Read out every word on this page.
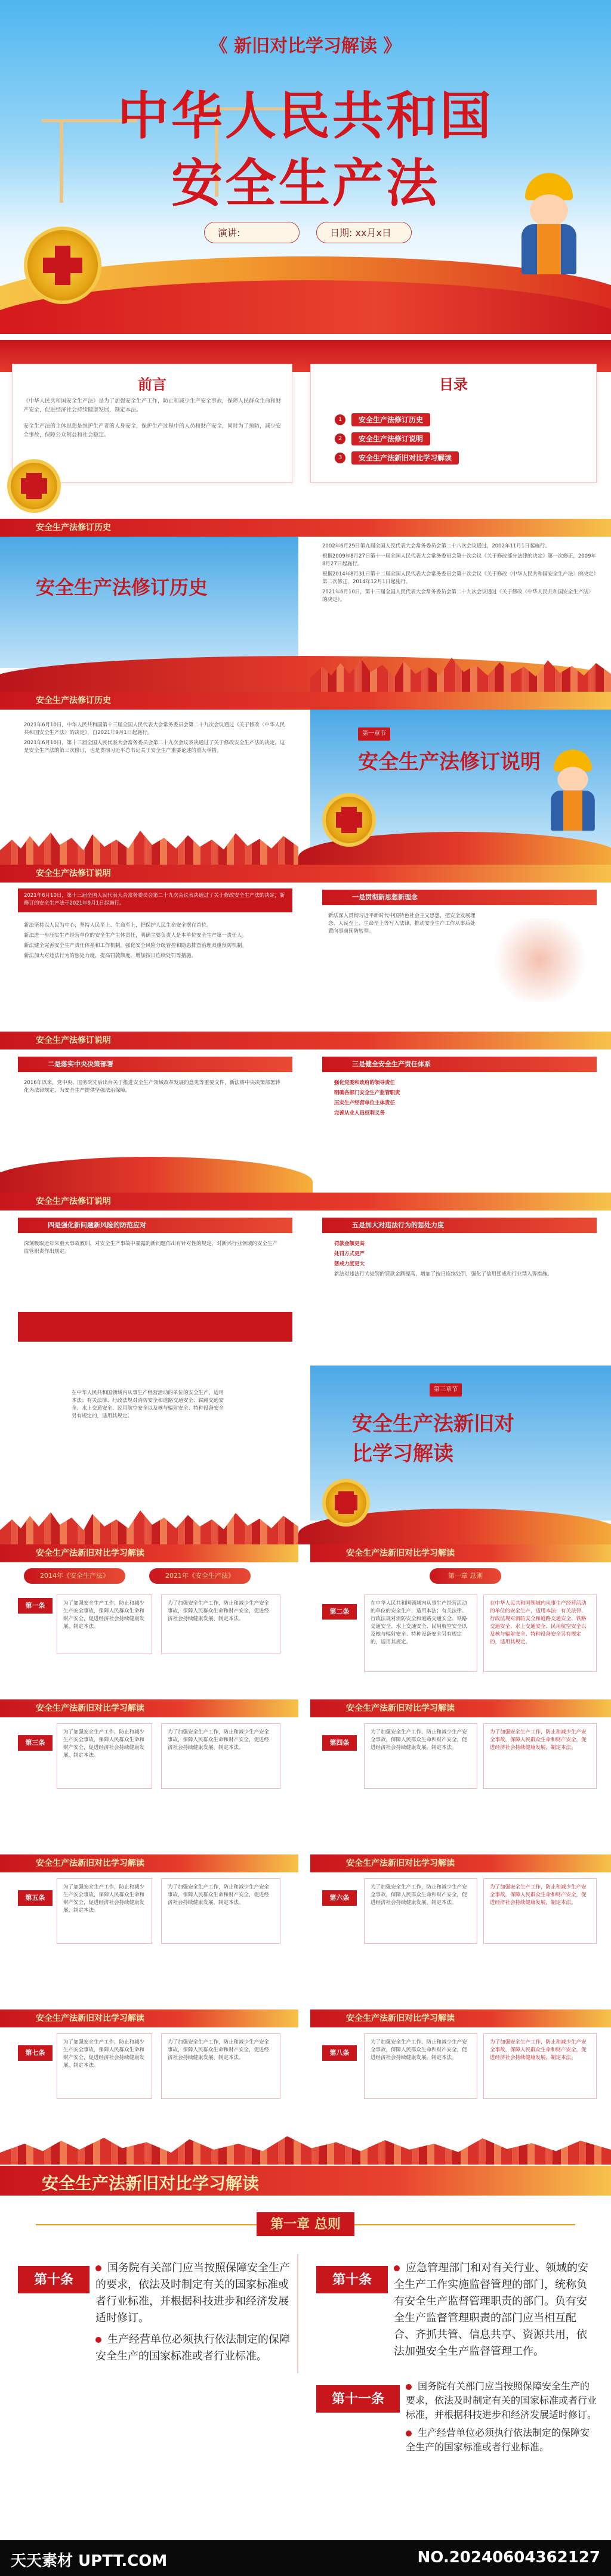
《 新旧对比学习解读 》
中华人民共和国
安全生产法
演讲:	日期: xx月x日
前言

《中华人民共和国安全生产法》是为了加强安全生产工作，防止和减少生产安全事故，保障人民群众生命和财产安全，促进经济社会持续健康发展，制定本法。

安全生产法的主体思想是维护生产者的人身安全，保护生产过程中的人员和财产安全，同时为了预防，减少安全事故，保障公众利益和社会稳定。

目录
1	安全生产法修订历史
2	安全生产法修订说明
3	安全生产法新旧对比学习解读
安全生产法修订历史
安全生产法修订历史

2002年6月29日第九届全国人民代表大会常务委员会第二十八次会议通过，2002年11月1日起施行。

根据2009年8月27日第十一届全国人民代表大会常务委员会第十次会议《关于修改部分法律的决定》第一次修正，2009年8月27日起施行。

根据2014年8月31日第十二届全国人民代表大会常务委员会第十次会议《关于修改〈中华人民共和国安全生产法〉的决定》第二次修正，2014年12月1日起施行。

2021年6月10日，第十三届全国人民代表大会常务委员会第二十九次会议通过《关于修改〈中华人民共和国安全生产法〉的决定》。

安全生产法修订历史

2021年6月10日，中华人民共和国第十三届全国人民代表大会常务委员会第二十九次会议通过《关于修改〈中华人民共和国安全生产法〉的决定》，自2021年9月1日起施行。

2021年6月10日，第十三届全国人民代表大会常务委员会第二十九次会议表决通过了关于修改安全生产法的决定，这是安全生产法的第三次修订，也是贯彻习近平总书记关于安全生产重要论述的重大举措。

第一章节
安全生产法修订说明
安全生产法修订说明
2021年6月10日，第十三届全国人民代表大会常务委员会第二十九次会议表决通过了关于修改安全生产法的决定，新修订的安全生产法于2021年9月1日起施行。

新法坚持以人民为中心，坚持人民至上、生命至上，把保护人民生命安全摆在首位。

新法进一步压实生产经营单位的安全生产主体责任，明确主要负责人是本单位安全生产第一责任人。

新法健全完善安全生产责任体系和工作机制，强化安全风险分级管控和隐患排查治理双重预防机制。

新法加大对违法行为的惩处力度，提高罚款额度，增加按日连续处罚等措施。

一是贯彻新思想新理念
新法深入贯彻习近平新时代中国特色社会主义思想，把安全发展理念、人民至上、生命至上等写入法律，推动安全生产工作从事后处置向事前预防转型。
安全生产法修订说明
二是落实中央决策部署
2016年以来，党中央、国务院先后出台关于推进安全生产领域改革发展的意见等重要文件，新法将中央决策部署转化为法律规定，为安全生产提供坚强法治保障。
三是健全安全生产责任体系

强化党委和政府的领导责任

明确各部门安全生产监管职责

压实生产经营单位主体责任

完善从业人员权利义务

安全生产法修订说明
四是强化新问题新风险的防范应对
深刻吸取近年来重大事故教训，对安全生产事故中暴露的新问题作出有针对性的规定，对新兴行业领域的安全生产监管职责作出规定。
五是加大对违法行为的惩处力度

罚款金额更高

处罚方式更严

惩戒力度更大

新法对违法行为处罚的罚款金额提高，增加了按日连续处罚，强化了信用惩戒和行业禁入等措施。

在中华人民共和国领域内从事生产经营活动的单位的安全生产，适用本法；有关法律、行政法规对消防安全和道路交通安全、铁路交通安全、水上交通安全、民用航空安全以及核与辐射安全、特种设备安全另有规定的，适用其规定。

第三章节
安全生产法新旧对
比学习解读
安全生产法新旧对比学习解读	安全生产法新旧对比学习解读
2014年《安全生产法》	2021年《安全生产法》
第一条	为了加强安全生产工作，防止和减少生产安全事故，保障人民群众生命和财产安全，促进经济社会持续健康发展，制定本法。
为了加强安全生产工作，防止和减少生产安全事故，保障人民群众生命和财产安全，促进经济社会持续健康发展，制定本法。
第一章 总则
第二条
在中华人民共和国领域内从事生产经营活动的单位的安全生产，适用本法；有关法律、行政法规对消防安全和道路交通安全、铁路交通安全、水上交通安全、民用航空安全以及核与辐射安全、特种设备安全另有规定的，适用其规定。
在中华人民共和国领域内从事生产经营活动的单位的安全生产，适用本法；有关法律、行政法规对消防安全和道路交通安全、铁路交通安全、水上交通安全、民用航空安全以及核与辐射安全、特种设备安全另有规定的，适用其规定。
安全生产法新旧对比学习解读	安全生产法新旧对比学习解读
第三条
为了加强安全生产工作，防止和减少生产安全事故，保障人民群众生命和财产安全，促进经济社会持续健康发展，制定本法。
为了加强安全生产工作，防止和减少生产安全事故，保障人民群众生命和财产安全，促进经济社会持续健康发展，制定本法。
第四条
为了加强安全生产工作，防止和减少生产安全事故，保障人民群众生命和财产安全，促进经济社会持续健康发展，制定本法。
为了加强安全生产工作，防止和减少生产安全事故，保障人民群众生命和财产安全，促进经济社会持续健康发展，制定本法。
安全生产法新旧对比学习解读	安全生产法新旧对比学习解读
第五条
为了加强安全生产工作，防止和减少生产安全事故，保障人民群众生命和财产安全，促进经济社会持续健康发展，制定本法。
为了加强安全生产工作，防止和减少生产安全事故，保障人民群众生命和财产安全，促进经济社会持续健康发展，制定本法。
第六条
为了加强安全生产工作，防止和减少生产安全事故，保障人民群众生命和财产安全，促进经济社会持续健康发展，制定本法。
为了加强安全生产工作，防止和减少生产安全事故，保障人民群众生命和财产安全，促进经济社会持续健康发展，制定本法。
安全生产法新旧对比学习解读	安全生产法新旧对比学习解读
第七条
为了加强安全生产工作，防止和减少生产安全事故，保障人民群众生命和财产安全，促进经济社会持续健康发展，制定本法。
为了加强安全生产工作，防止和减少生产安全事故，保障人民群众生命和财产安全，促进经济社会持续健康发展，制定本法。
第八条
为了加强安全生产工作，防止和减少生产安全事故，保障人民群众生命和财产安全，促进经济社会持续健康发展，制定本法。
为了加强安全生产工作，防止和减少生产安全事故，保障人民群众生命和财产安全，促进经济社会持续健康发展，制定本法。
安全生产法新旧对比学习解读
第一章 总则
第十条
国务院有关部门应当按照保障安全生产的要求，依法及时制定有关的国家标准或者行业标准，并根据科技进步和经济发展适时修订。
生产经营单位必须执行依法制定的保障安全生产的国家标准或者行业标准。
第十条
应急管理部门和对有关行业、领域的安全生产工作实施监督管理的部门，统称负有安全生产监督管理职责的部门。负有安全生产监督管理职责的部门应当相互配合、齐抓共管、信息共享、资源共用，依法加强安全生产监督管理工作。
第十一条
国务院有关部门应当按照保障安全生产的要求，依法及时制定有关的国家标准或者行业标准，并根据科技进步和经济发展适时修订。
生产经营单位必须执行依法制定的保障安全生产的国家标准或者行业标准。
天天素材 UPTT.COM	NO.20240604362127
